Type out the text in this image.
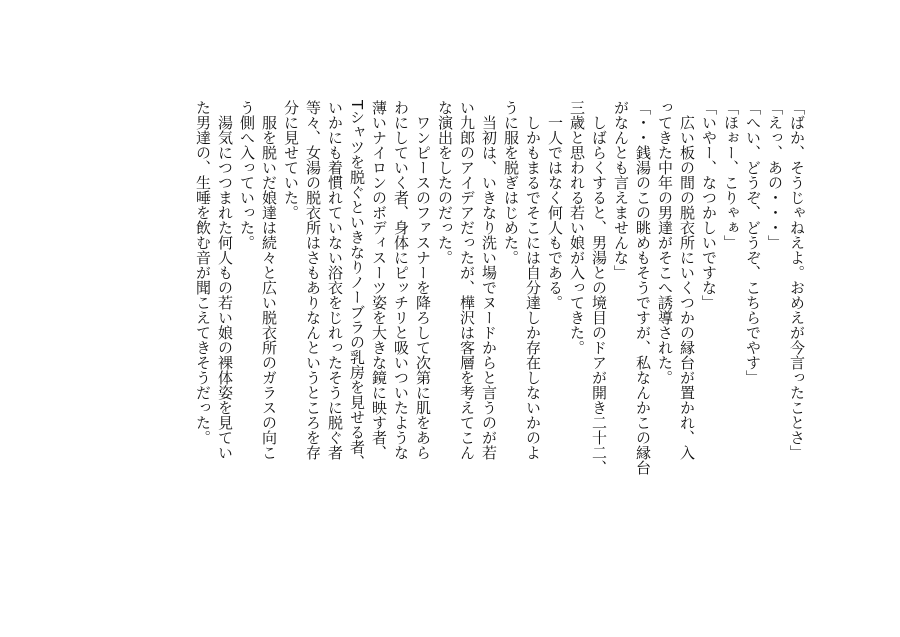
「ばか、そうじゃねえよ。おめえが今言ったことさ」

「えっ、あの・・・」

「へい、どうぞ、どうぞ、こちらでやす」

「ほぉー、こりゃぁ」

「いやー、なつかしいですな」

　広い板の間の脱衣所にいくつかの縁台が置かれ、入

ってきた中年の男達がそこへ誘導された。

「・・銭湯のこの眺めもそうですが、私なんかこの縁台

がなんとも言えませんな」

　しばらくすると、男湯との境目のドアが開き二十二、

三歳と思われる若い娘が入ってきた。

　一人ではなく何人もである。

　しかもまるでそこには自分達しか存在しないかのよ

うに服を脱ぎはじめた。

　当初は、いきなり洗い場でヌードからと言うのが若

い九郎のアイデアだったが、樺沢は客層を考えてこん

な演出をしたのだった。

　ワンピースのファスナーを降ろして次第に肌をあら

わにしていく者、身体にピッチリと吸いついたような

薄いナイロンのボディスーツ姿を大きな鏡に映す者、

Tシャツを脱ぐといきなりノーブラの乳房を見せる者、

いかにも着慣れていない浴衣をじれったそうに脱ぐ者

等々、女湯の脱衣所はさもありなんというところを存

分に見せていた。

　服を脱いだ娘達は続々と広い脱衣所のガラスの向こ

う側へ入っていった。

　湯気につつまれた何人もの若い娘の裸体姿を見てい

た男達の、生唾を飲む音が聞こえてきそうだった。
